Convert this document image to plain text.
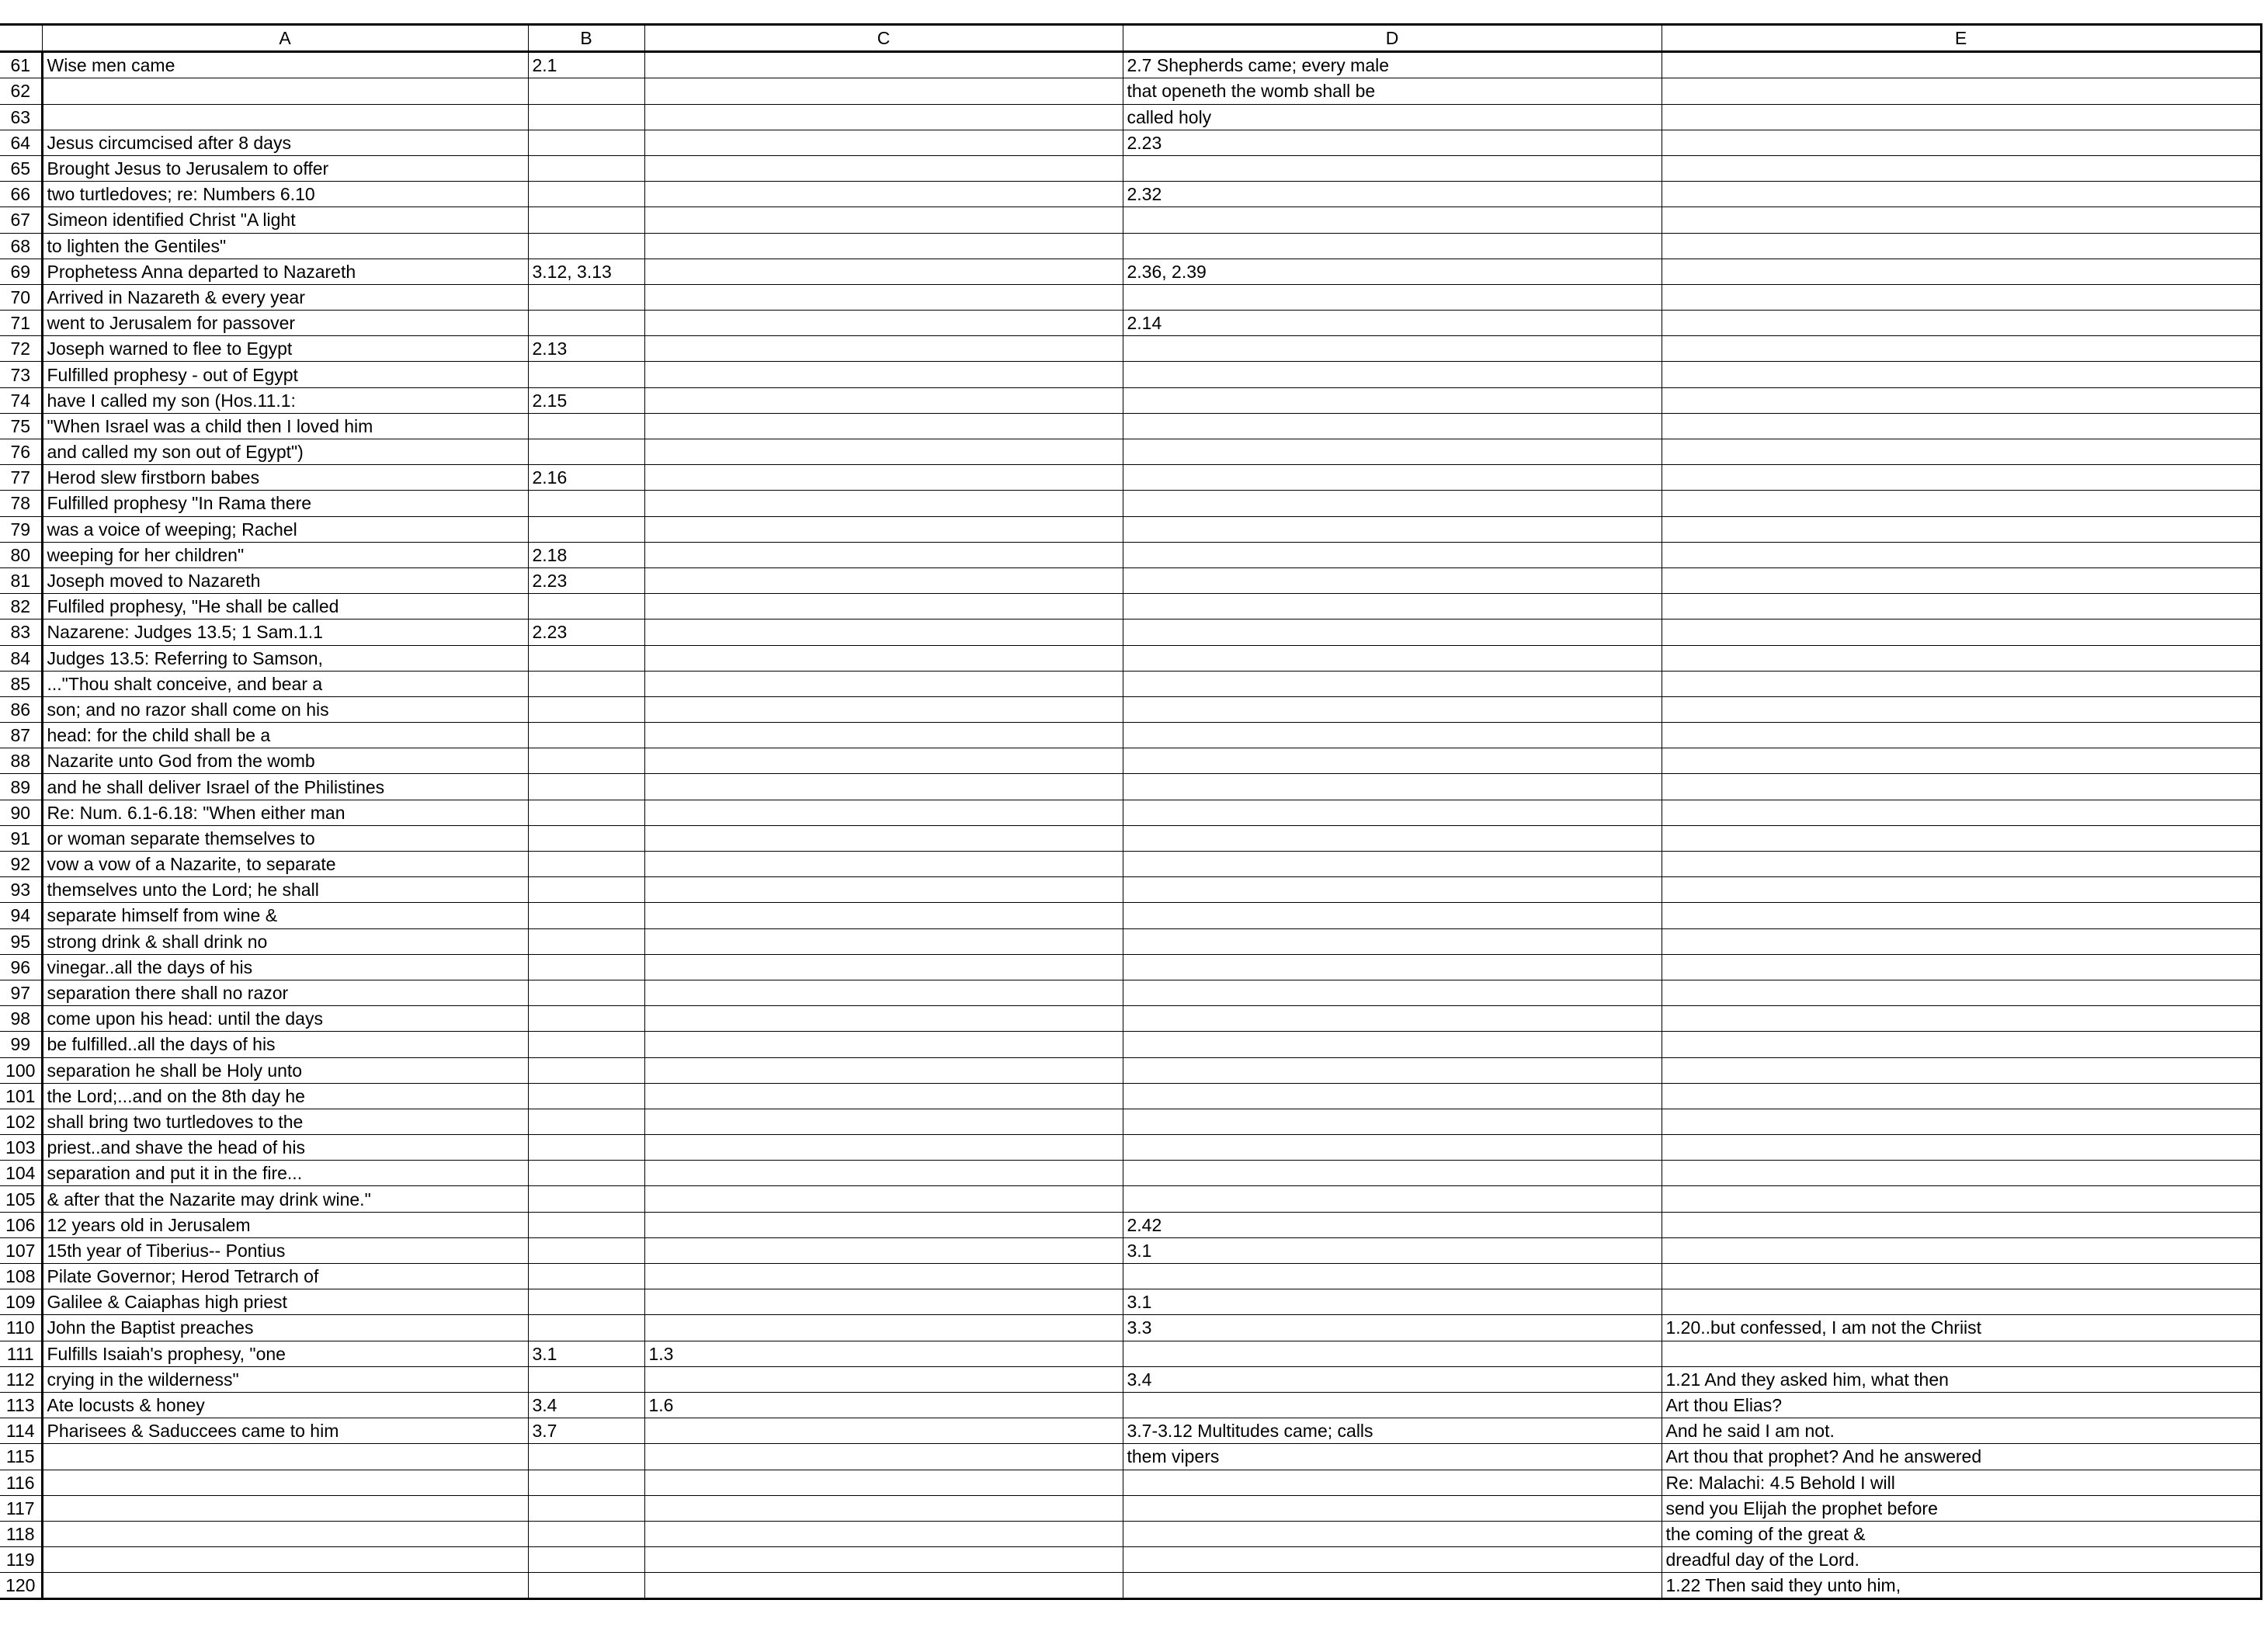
	A	B	C	D	E
61	Wise men came	2.1		2.7 Shepherds came; every male	
62				that openeth the womb shall be	
63				called holy	
64	Jesus circumcised after 8 days			2.23	
65	Brought Jesus to Jerusalem to offer				
66	two turtledoves; re: Numbers 6.10			2.32	
67	Simeon identified Christ "A light				
68	to lighten the Gentiles"				
69	Prophetess Anna departed to Nazareth	3.12, 3.13		2.36, 2.39	
70	Arrived in Nazareth & every year				
71	went to Jerusalem for passover			2.14	
72	Joseph warned to flee to Egypt	2.13			
73	Fulfilled prophesy - out of Egypt				
74	have I called my son (Hos.11.1:	2.15			
75	"When Israel was a child then I loved him				
76	and called my son out of Egypt")				
77	Herod slew firstborn babes	2.16			
78	Fulfilled prophesy "In Rama there				
79	was a voice of weeping; Rachel				
80	weeping for her children"	2.18			
81	Joseph moved to Nazareth	2.23			
82	Fulfiled prophesy, "He shall be called				
83	Nazarene: Judges 13.5; 1 Sam.1.1	2.23			
84	Judges 13.5: Referring to Samson,				
85	..."Thou shalt conceive, and bear a				
86	son; and no razor shall come on his				
87	head: for the child shall be a				
88	Nazarite unto God from the womb				
89	and he shall deliver Israel of the Philistines				
90	Re: Num. 6.1-6.18: "When either man				
91	or woman separate themselves to				
92	vow a vow of a Nazarite, to separate				
93	themselves unto the Lord; he shall				
94	separate himself from wine &				
95	strong drink & shall drink no				
96	vinegar..all the days of his				
97	separation there shall no razor				
98	come upon his head: until the days				
99	be fulfilled..all the days of his				
100	separation he shall be Holy unto				
101	the Lord;...and on the 8th day he				
102	shall bring two turtledoves to the				
103	priest..and shave the head of his				
104	separation and put it in the fire...				
105	& after that the Nazarite may drink wine."				
106	12 years old in Jerusalem			2.42	
107	15th year of Tiberius-- Pontius			3.1	
108	Pilate Governor; Herod Tetrarch of				
109	Galilee & Caiaphas high priest			3.1	
110	John the Baptist preaches			3.3	1.20..but confessed, I am not the Chriist
111	Fulfills Isaiah's prophesy, "one	3.1	1.3		
112	crying in the wilderness"			3.4	1.21 And they asked him, what then
113	Ate locusts & honey	3.4	1.6		Art thou Elias?
114	Pharisees & Saduccees came to him	3.7		3.7-3.12 Multitudes came; calls	And he said I am not.
115				them vipers	Art thou that prophet? And he answered
116					Re: Malachi: 4.5 Behold I will
117					send you Elijah the prophet before
118					the coming of the great &
119					dreadful day of the Lord.
120					1.22 Then said they unto him,
